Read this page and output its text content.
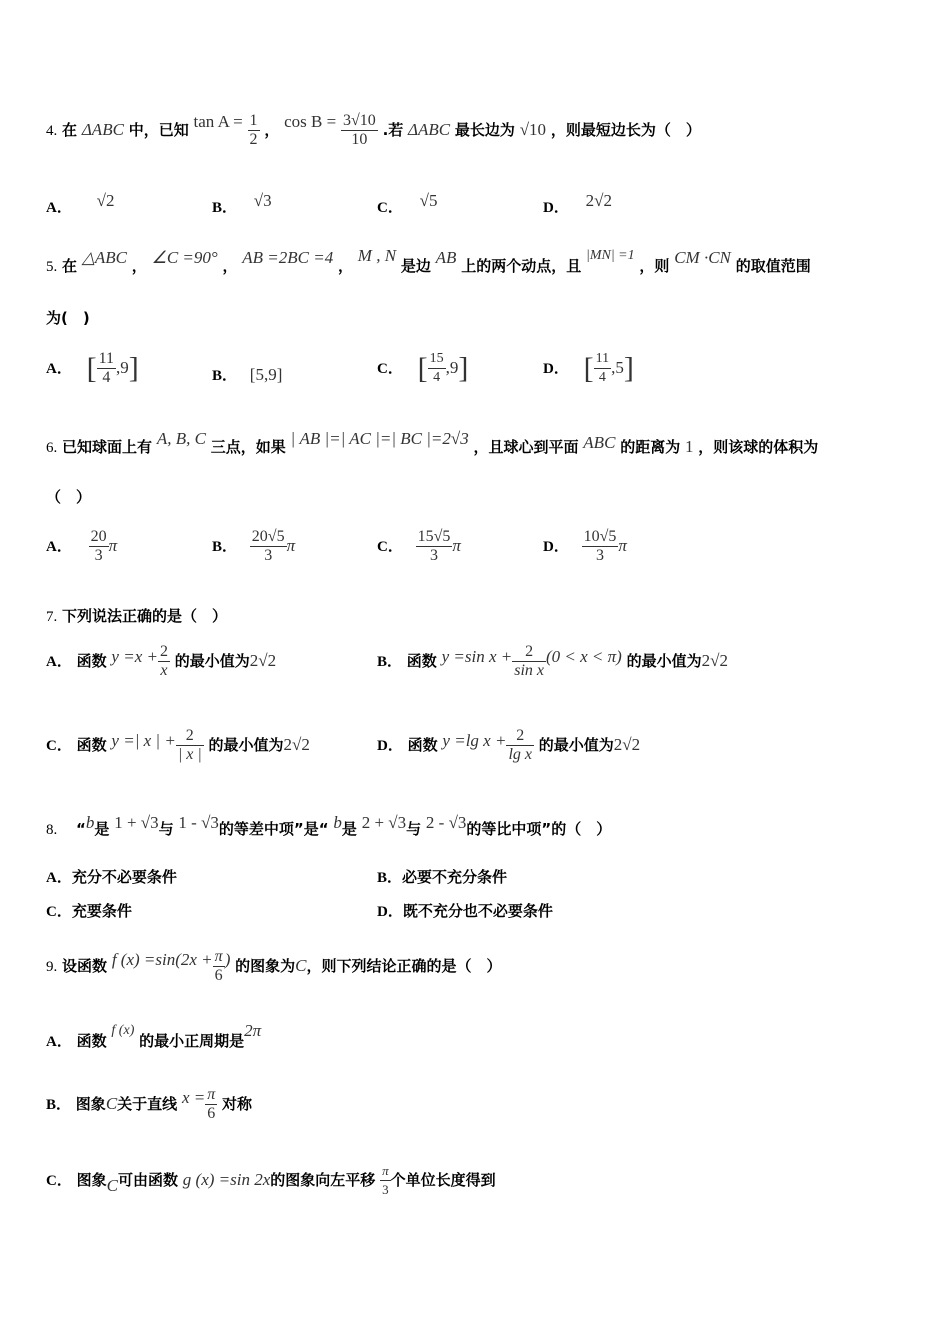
4. 在 ΔABC 中，已知 $\tan A = \frac{1}{2}$ ， $\cos B = \frac{3√10}{10}$ .若 ΔABC 最长边为 √10 ，则最短边长为（　）
A． √2	B． √3	C． √5	D． 2√2
5. 在 △ABC ， ∠C =90° ， AB =2BC =4 ， M , N 是边 AB 上的两个动点，且 |MN| =1 ，则 CM ·CN 的取值范围
为(　)
A． [ $\frac{11}{4} ,9$]	B． [5,9]	C． [ $\frac{15}{4} ,9$]	D． [ $\frac{11}{4} ,5$]
6. 已知球面上有 A, B, C 三点，如果 | AB |=| AC |=| BC |=2√3 ，且球心到平面 ABC 的距离为 1 ，则该球的体积为
（　）
A． $\frac{20}{3}$ π	B． $\frac{20√5}{3}$ π	C． $\frac{15√5}{3}$ π	D． $\frac{10√5}{3}$ π
7. 下列说法正确的是（　）
A． 函数 $y =x + \frac{2}{x}$ 的最小值为2√2	B． 函数 y =sin $x + \frac{2}{\text{sin x}} (0 < x < \pi)$ 的最小值为2√2
C． 函数 y =| x | + $\frac{2}{| x |}$ 的最小值为2√2	D． 函数 y =lg $x + \frac{2}{\text{lg x}}$ 的最小值为2√2
8. “b是 1 + √3与 1 - √3的等差中项”是“ b是 2 + √3与 2 - √3的等比中项”的（　）
A．充分不必要条件	B．必要不充分条件
C．充要条件	D．既不充分也不必要条件
9. 设函数 f $(x) =\sin(2x + \frac{\pi}{6}$ ) 的图象为C，则下列结论正确的是（　）
A． 函数 f (x) 的最小正周期是2π
B． 图象C关于直线 $x = \frac{\pi}{6}$ 对称
C． 图象C可由函数 g (x) =sin 2x的图象向左平移 $\frac{\pi}{3}$ 个单位长度得到
